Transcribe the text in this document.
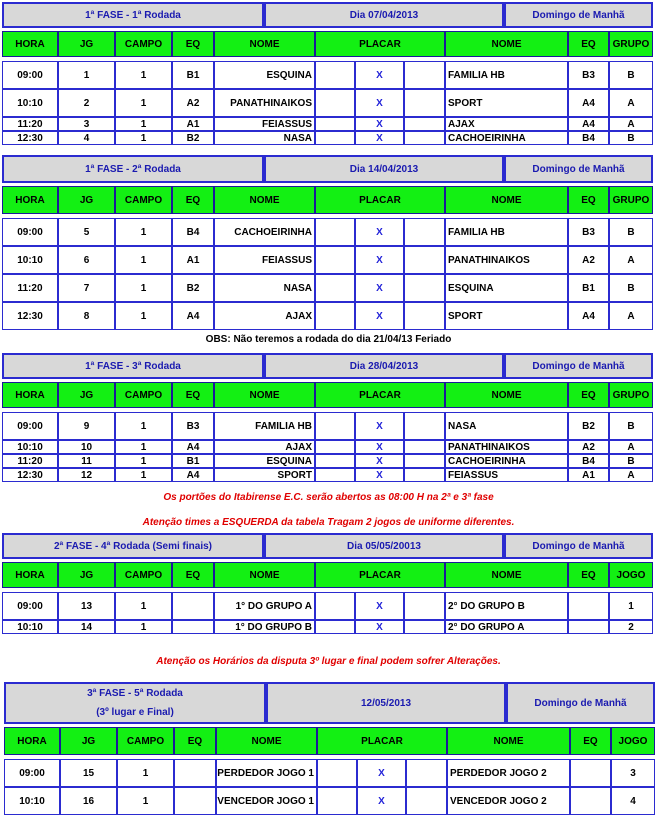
1ª FASE - 1ª Rodada	Dia 07/04/2013	Domingo de Manhã
HORA	JG	CAMPO	EQ	NOME	PLACAR	NOME	EQ	GRUPO
09:00	1	1	B1	ESQUINA	X	FAMILIA HB	B3	B
10:10	2	1	A2	PANATHINAIKOS	X	SPORT	A4	A
11:20	3	1	A1	FEIASSUS	X	AJAX	A4	A
12:30	4	1	B2	NASA	X	CACHOEIRINHA	B4	B
1ª FASE - 2ª Rodada	Dia 14/04/2013	Domingo de Manhã
HORA	JG	CAMPO	EQ	NOME	PLACAR	NOME	EQ	GRUPO
09:00	5	1	B4	CACHOEIRINHA	X	FAMILIA HB	B3	B
10:10	6	1	A1	FEIASSUS	X	PANATHINAIKOS	A2	A
11:20	7	1	B2	NASA	X	ESQUINA	B1	B
12:30	8	1	A4	AJAX	X	SPORT	A4	A
OBS: Não teremos a rodada do dia 21/04/13 Feriado
1ª FASE - 3ª Rodada	Dia 28/04/2013	Domingo de Manhã
HORA	JG	CAMPO	EQ	NOME	PLACAR	NOME	EQ	GRUPO
09:00	9	1	B3	FAMILIA HB	X	NASA	B2	B
10:10	10	1	A4	AJAX	X	PANATHINAIKOS	A2	A
11:20	11	1	B1	ESQUINA	X	CACHOEIRINHA	B4	B
12:30	12	1	A4	SPORT	X	FEIASSUS	A1	A
Os portões do Itabirense E.C. serão abertos as 08:00 H na 2ª e 3ª fase
Atenção times a ESQUERDA da tabela Tragam 2 jogos de uniforme diferentes.
2ª FASE - 4ª Rodada (Semi finais)	Dia 05/05/20013	Domingo de Manhã
HORA	JG	CAMPO	EQ	NOME	PLACAR	NOME	EQ	JOGO
09:00	13	1	1° DO GRUPO A	X	2° DO GRUPO B	1
10:10	14	1	1° DO GRUPO B	X	2° DO GRUPO A	2
Atenção os Horários da disputa 3º lugar e final podem sofrer Alterações.
3ª FASE - 5ª Rodada
(3º lugar e Final)
12/05/2013	Domingo de Manhã
HORA	JG	CAMPO	EQ	NOME	PLACAR	NOME	EQ	JOGO
09:00	15	1	PERDEDOR JOGO 1	X	PERDEDOR JOGO 2	3
10:10	16	1	VENCEDOR JOGO 1	X	VENCEDOR JOGO 2	4
